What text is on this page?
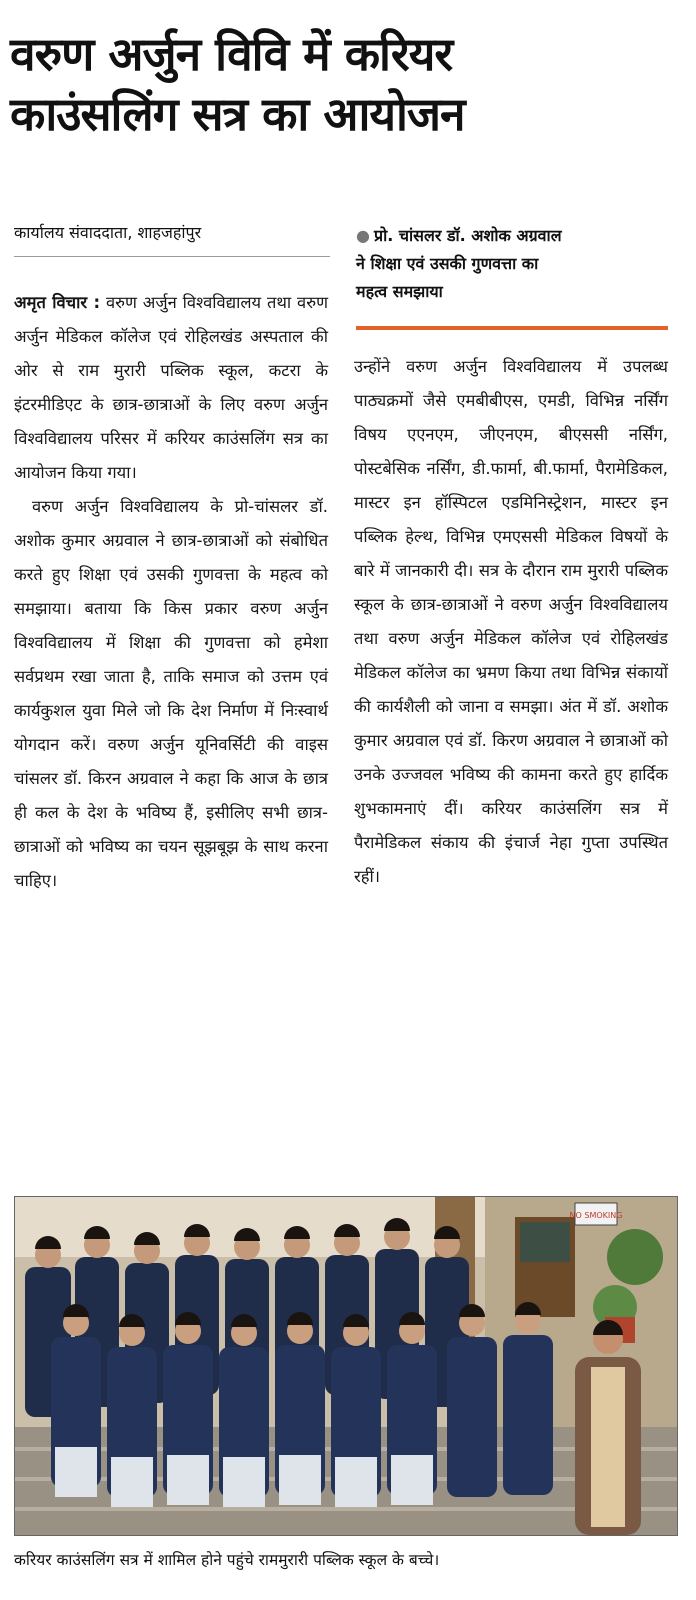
वरुण अर्जुन विवि में करियर
काउंसलिंग सत्र का आयोजन
कार्यालय संवाददाता, शाहजहांपुर	● प्रो. चांसलर डॉ. अशोक अग्रवाल
ने शिक्षा एवं उसकी गुणवत्ता का
महत्व समझाया

अमृत विचार : वरुण अर्जुन विश्वविद्यालय तथा वरुण अर्जुन मेडिकल कॉलेज एवं रोहिलखंड अस्पताल की ओर से राम मुरारी पब्लिक स्कूल, कटरा के इंटरमीडिएट के छात्र-छात्राओं के लिए वरुण अर्जुन विश्वविद्यालय परिसर में करियर काउंसलिंग सत्र का आयोजन किया गया।

वरुण अर्जुन विश्वविद्यालय के प्रो-चांसलर डॉ. अशोक कुमार अग्रवाल ने छात्र-छात्राओं को संबोधित करते हुए शिक्षा एवं उसकी गुणवत्ता के महत्व को समझाया। बताया कि किस प्रकार वरुण अर्जुन विश्वविद्यालय में शिक्षा की गुणवत्ता को हमेशा सर्वप्रथम रखा जाता है, ताकि समाज को उत्तम एवं कार्यकुशल युवा मिले जो कि देश निर्माण में निःस्वार्थ योगदान करें। वरुण अर्जुन यूनिवर्सिटी की वाइस चांसलर डॉ. किरन अग्रवाल ने कहा कि आज के छात्र ही कल के देश के भविष्य हैं, इसीलिए सभी छात्र-छात्राओं को भविष्य का चयन सूझबूझ के साथ करना चाहिए।

उन्होंने वरुण अर्जुन विश्वविद्यालय में उपलब्ध पाठ्यक्रमों जैसे एमबीबीएस, एमडी, विभिन्न नर्सिंग विषय एएनएम, जीएनएम, बीएससी नर्सिंग, पोस्टबेसिक नर्सिंग, डी.फार्मा, बी.फार्मा, पैरामेडिकल, मास्टर इन हॉस्पिटल एडमिनिस्ट्रेशन, मास्टर इन पब्लिक हेल्थ, विभिन्न एमएससी मेडिकल विषयों के बारे में जानकारी दी। सत्र के दौरान राम मुरारी पब्लिक स्कूल के छात्र-छात्राओं ने वरुण अर्जुन विश्वविद्यालय तथा वरुण अर्जुन मेडिकल कॉलेज एवं रोहिलखंड मेडिकल कॉलेज का भ्रमण किया तथा विभिन्न संकायों की कार्यशैली को जाना व समझा। अंत में डॉ. अशोक कुमार अग्रवाल एवं डॉ. किरण अग्रवाल ने छात्राओं को उनके उज्जवल भविष्य की कामना करते हुए हार्दिक शुभकामनाएं दीं। करियर काउंसलिंग सत्र में पैरामेडिकल संकाय की इंचार्ज नेहा गुप्ता उपस्थित रहीं।

NO SMOKING
करियर काउंसलिंग सत्र में शामिल होने पहुंचे राममुरारी पब्लिक स्कूल के बच्चे।
